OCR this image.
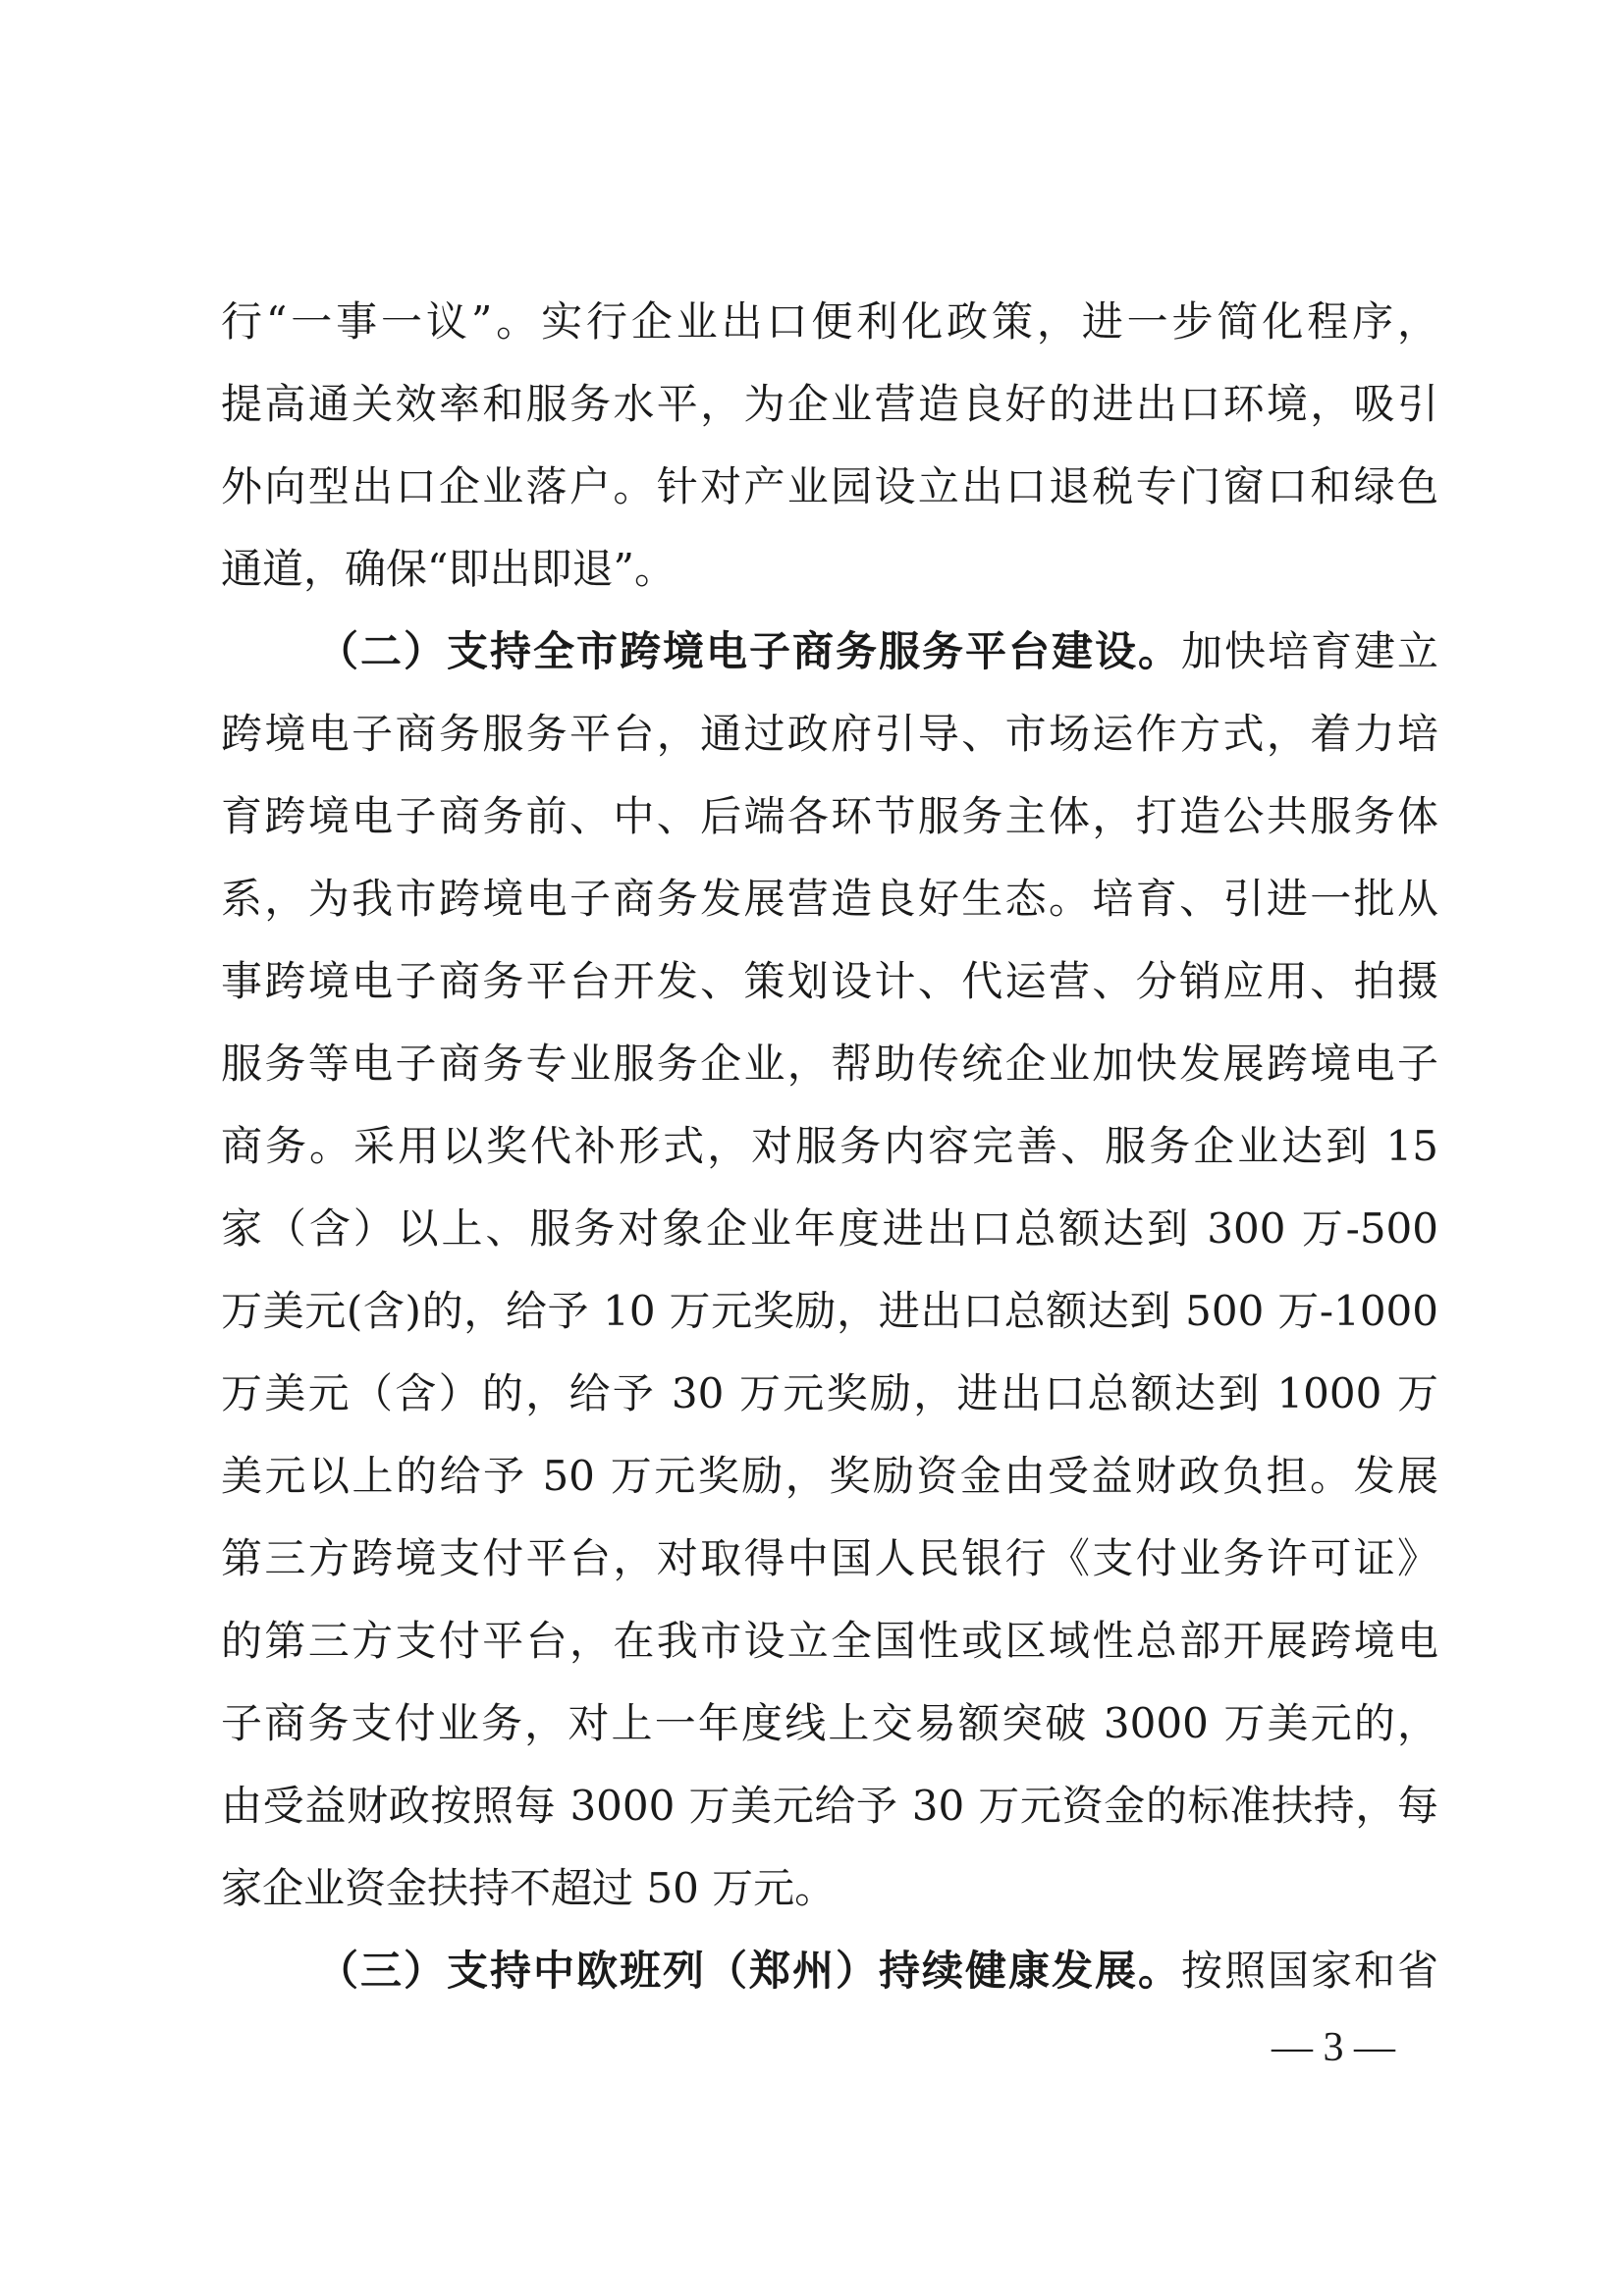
行“一事一议”。实行企业出口便利化政策，进一步简化程序，
提高通关效率和服务水平，为企业营造良好的进出口环境，吸引
外向型出口企业落户。针对产业园设立出口退税专门窗口和绿色
通道，确保“即出即退”。
（二）支持全市跨境电子商务服务平台建设。加快培育建立
跨境电子商务服务平台，通过政府引导、市场运作方式，着力培
育跨境电子商务前、中、后端各环节服务主体，打造公共服务体
系，为我市跨境电子商务发展营造良好生态。培育、引进一批从
事跨境电子商务平台开发、策划设计、代运营、分销应用、拍摄
服务等电子商务专业服务企业，帮助传统企业加快发展跨境电子
商务。采用以奖代补形式，对服务内容完善、服务企业达到 15
家（含）以上、服务对象企业年度进出口总额达到 300 万-500
万美元(含)的，给予 10 万元奖励，进出口总额达到 500 万-1000
万美元（含）的，给予 30 万元奖励，进出口总额达到 1000 万
美元以上的给予 50 万元奖励，奖励资金由受益财政负担。发展
第三方跨境支付平台，对取得中国人民银行《支付业务许可证》
的第三方支付平台，在我市设立全国性或区域性总部开展跨境电
子商务支付业务，对上一年度线上交易额突破 3000 万美元的，
由受益财政按照每 3000 万美元给予 30 万元资金的标准扶持，每
家企业资金扶持不超过 50 万元。
（三）支持中欧班列（郑州）持续健康发展。按照国家和省
— 3 —
